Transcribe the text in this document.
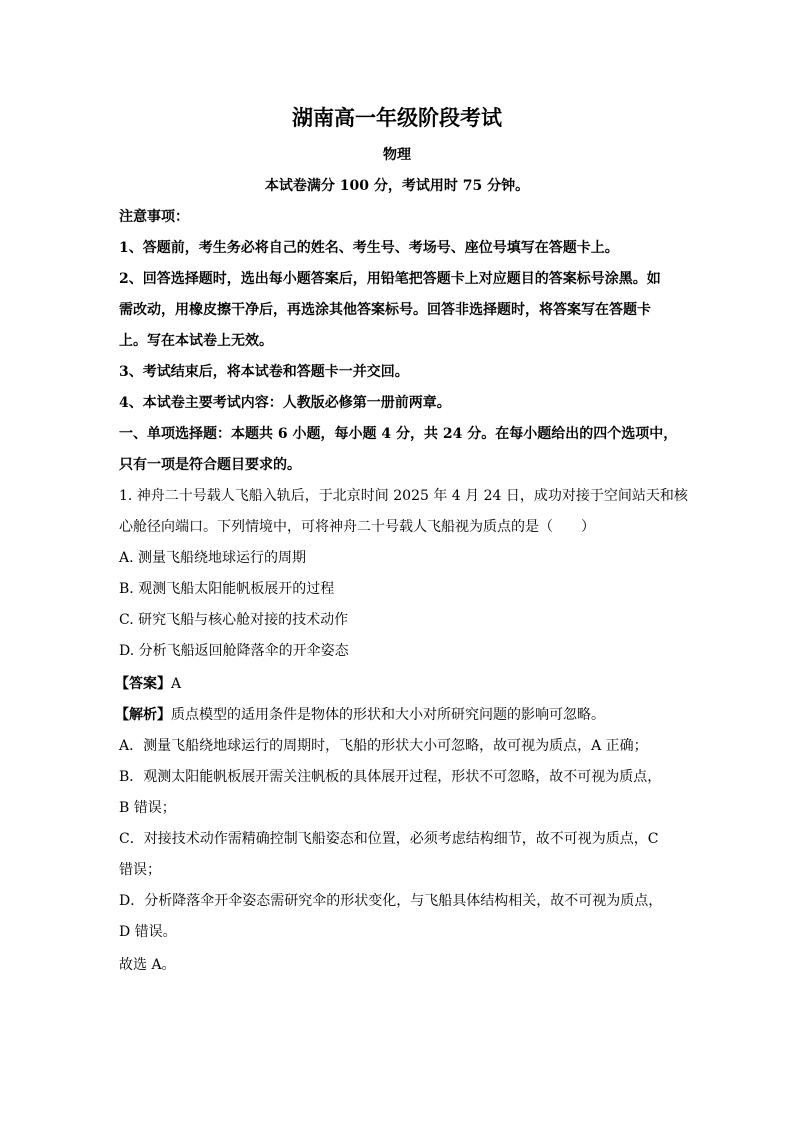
湖南高一年级阶段考试
物理
本试卷满分 100 分，考试用时 75 分钟。
注意事项：
1、答题前，考生务必将自己的姓名、考生号、考场号、座位号填写在答题卡上。
2、回答选择题时，选出每小题答案后，用铅笔把答题卡上对应题目的答案标号涂黑。如
需改动，用橡皮擦干净后，再选涂其他答案标号。回答非选择题时，将答案写在答题卡
上。写在本试卷上无效。
3、考试结束后，将本试卷和答题卡一并交回。
4、本试卷主要考试内容：人教版必修第一册前两章。
一、单项选择题：本题共 6 小题，每小题 4 分，共 24 分。在每小题给出的四个选项中，
只有一项是符合题目要求的。
1. 神舟二十号载人飞船入轨后，于北京时间 2025 年 4 月 24 日，成功对接于空间站天和核
心舱径向端口。下列情境中，可将神舟二十号载人飞船视为质点的是（　　）
A. 测量飞船绕地球运行的周期
B. 观测飞船太阳能帆板展开的过程
C. 研究飞船与核心舱对接的技术动作
D. 分析飞船返回舱降落伞的开伞姿态
【答案】A
【解析】质点模型的适用条件是物体的形状和大小对所研究问题的影响可忽略。
A．测量飞船绕地球运行的周期时，飞船的形状大小可忽略，故可视为质点，A 正确；
B．观测太阳能帆板展开需关注帆板的具体展开过程，形状不可忽略，故不可视为质点，
B 错误；
C．对接技术动作需精确控制飞船姿态和位置，必须考虑结构细节，故不可视为质点，C
错误；
D．分析降落伞开伞姿态需研究伞的形状变化，与飞船具体结构相关，故不可视为质点，
D 错误。
故选 A。
